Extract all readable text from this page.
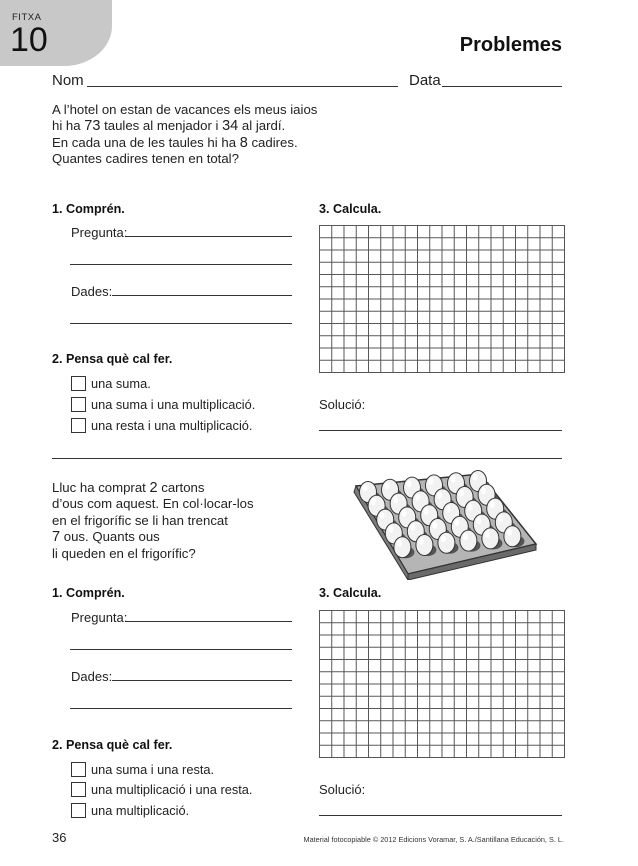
FITXA
10	Problemes
Nom	Data
A l’hotel on estan de vacances els meus iaios
hi ha 73 taules al menjador i 34 al jardí.
En cada una de les taules hi ha 8 cadires.
Quantes cadires tenen en total?
1. Comprén.
Pregunta:
Dades:
2. Pensa què cal fer.
una suma.
una suma i una multiplicació.
una resta i una multiplicació.
3. Calcula.
Solució:
Lluc ha comprat 2 cartons
d’ous com aquest. En col·locar-los
en el frigorífic se li han trencat
7 ous. Quants ous
li queden en el frigorífic?
1. Comprén.
Pregunta:
Dades:
2. Pensa què cal fer.
una suma i una resta.
una multiplicació i una resta.
una multiplicació.
3. Calcula.
Solució:
36	Material fotocopiable © 2012 Edicions Voramar, S. A./Santillana Educación, S. L.
